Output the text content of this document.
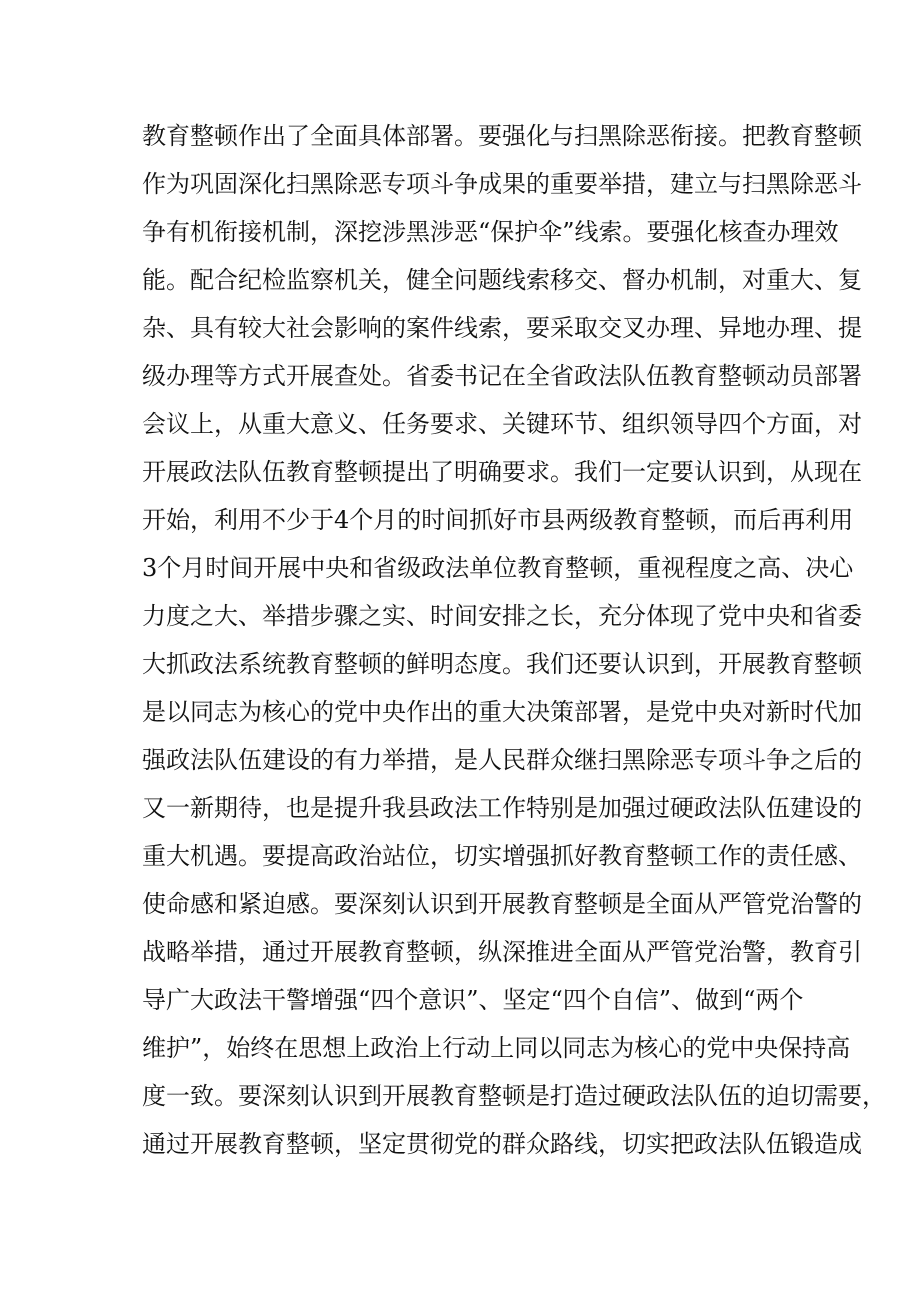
教育整顿作出了全面具体部署。要强化与扫黑除恶衔接。把教育整顿
作为巩固深化扫黑除恶专项斗争成果的重要举措，建立与扫黑除恶斗
争有机衔接机制，深挖涉黑涉恶“保护伞”线索。要强化核查办理效
能。配合纪检监察机关，健全问题线索移交、督办机制，对重大、复
杂、具有较大社会影响的案件线索，要采取交叉办理、异地办理、提
级办理等方式开展查处。省委书记在全省政法队伍教育整顿动员部署
会议上，从重大意义、任务要求、关键环节、组织领导四个方面，对
开展政法队伍教育整顿提出了明确要求。我们一定要认识到，从现在
开始，利用不少于4个月的时间抓好市县两级教育整顿，而后再利用
3个月时间开展中央和省级政法单位教育整顿，重视程度之高、决心
力度之大、举措步骤之实、时间安排之长，充分体现了党中央和省委
大抓政法系统教育整顿的鲜明态度。我们还要认识到，开展教育整顿
是以同志为核心的党中央作出的重大决策部署，是党中央对新时代加
强政法队伍建设的有力举措，是人民群众继扫黑除恶专项斗争之后的
又一新期待，也是提升我县政法工作特别是加强过硬政法队伍建设的
重大机遇。要提高政治站位，切实增强抓好教育整顿工作的责任感、
使命感和紧迫感。要深刻认识到开展教育整顿是全面从严管党治警的
战略举措，通过开展教育整顿，纵深推进全面从严管党治警，教育引
导广大政法干警增强“四个意识”、坚定“四个自信”、做到“两个
维护”，始终在思想上政治上行动上同以同志为核心的党中央保持高
度一致。要深刻认识到开展教育整顿是打造过硬政法队伍的迫切需要，
通过开展教育整顿，坚定贯彻党的群众路线，切实把政法队伍锻造成
